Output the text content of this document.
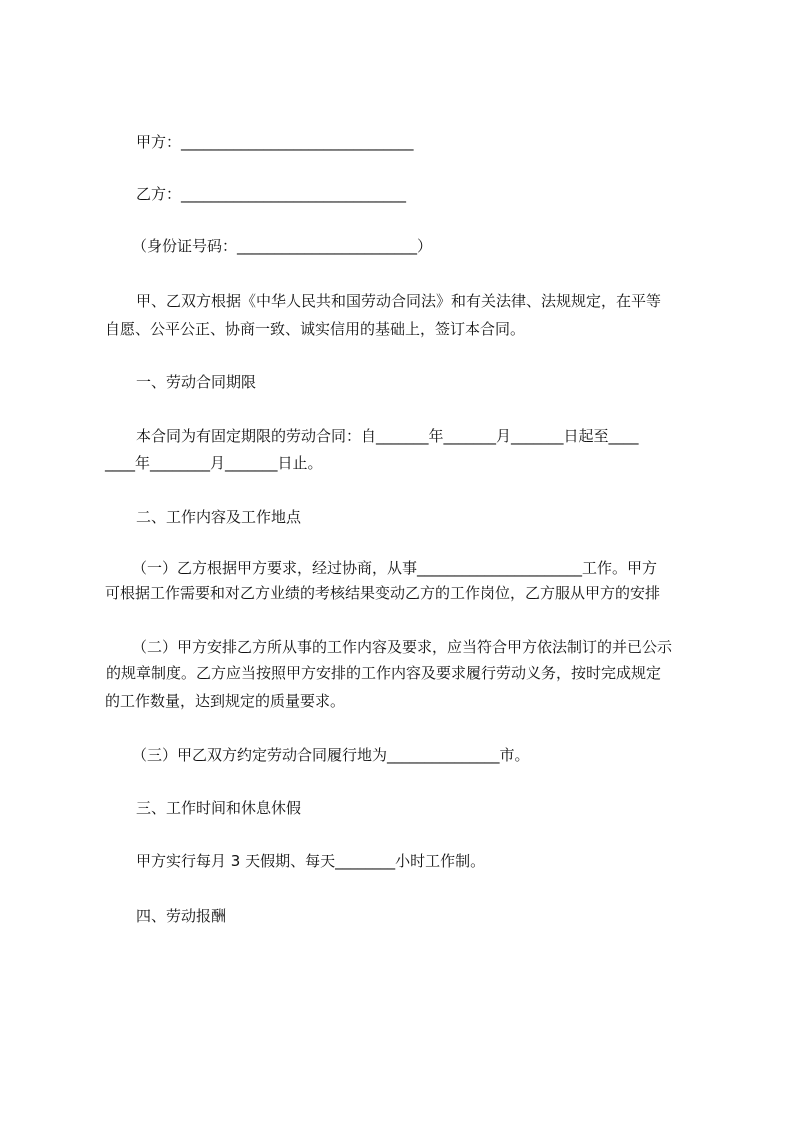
甲方：_______________________________
乙方：______________________________
（身份证号码：________________________）
甲、乙双方根据《中华人民共和国劳动合同法》和有关法律、法规规定，在平等
自愿、公平公正、协商一致、诚实信用的基础上，签订本合同。
一、劳动合同期限
本合同为有固定期限的劳动合同：自_______年_______月_______日起至____
____年________月_______日止。
二、工作内容及工作地点
（一）乙方根据甲方要求，经过协商，从事______________________工作。甲方
可根据工作需要和对乙方业绩的考核结果变动乙方的工作岗位，乙方服从甲方的安排
（二）甲方安排乙方所从事的工作内容及要求，应当符合甲方依法制订的并已公示
的规章制度。乙方应当按照甲方安排的工作内容及要求履行劳动义务，按时完成规定
的工作数量，达到规定的质量要求。
（三）甲乙双方约定劳动合同履行地为_______________市。
三、工作时间和休息休假
甲方实行每月 3 天假期、每天________小时工作制。
四、劳动报酬
